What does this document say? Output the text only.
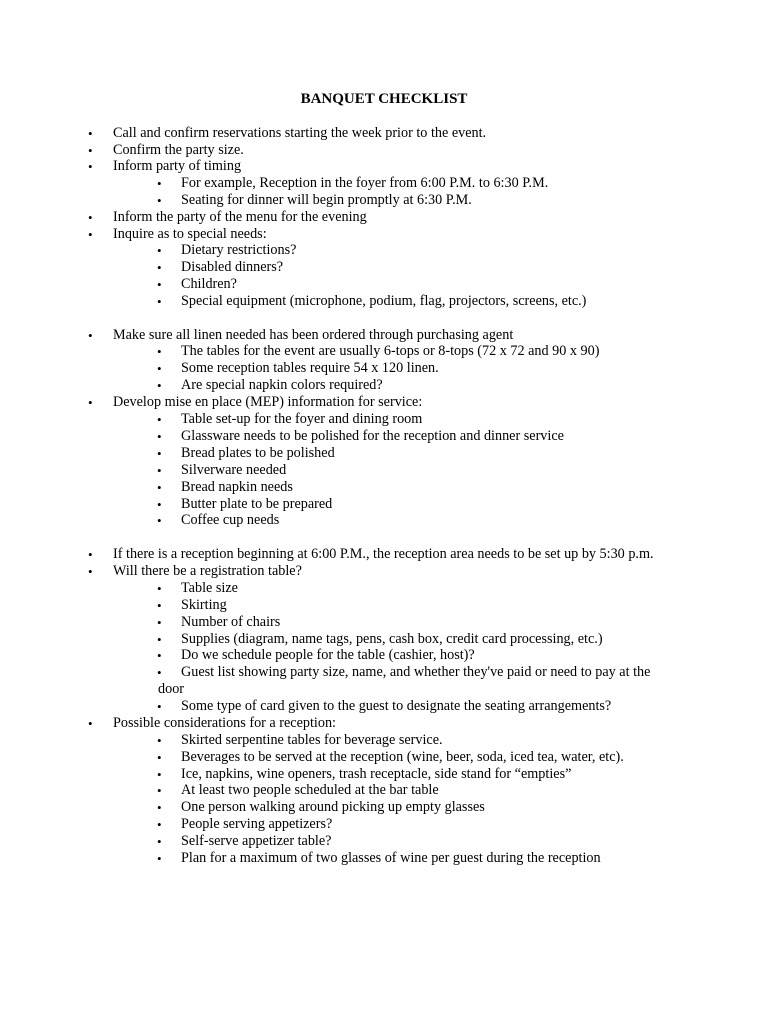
BANQUET CHECKLIST
• Call and confirm reservations starting the week prior to the event.
• Confirm the party size.
• Inform party of timing
• For example, Reception in the foyer from 6:00 P.M. to 6:30 P.M.
• Seating for dinner will begin promptly at 6:30 P.M.
• Inform the party of the menu for the evening
• Inquire as to special needs:
• Dietary restrictions?
• Disabled dinners?
• Children?
• Special equipment (microphone, podium, flag, projectors, screens, etc.)
• Make sure all linen needed has been ordered through purchasing agent
• The tables for the event are usually 6-tops or 8-tops (72 x 72 and 90 x 90)
• Some reception tables require 54 x 120 linen.
• Are special napkin colors required?
• Develop mise en place (MEP) information for service:
• Table set-up for the foyer and dining room
• Glassware needs to be polished for the reception and dinner service
• Bread plates to be polished
• Silverware needed
• Bread napkin needs
• Butter plate to be prepared
• Coffee cup needs
• If there is a reception beginning at 6:00 P.M., the reception area needs to be set up by 5:30 p.m.
• Will there be a registration table?
• Table size
• Skirting
• Number of chairs
• Supplies (diagram, name tags, pens, cash box, credit card processing, etc.)
• Do we schedule people for the table (cashier, host)?
• Guest list showing party size, name, and whether they've paid or need to pay at the
door
• Some type of card given to the guest to designate the seating arrangements?
• Possible considerations for a reception:
• Skirted serpentine tables for beverage service.
• Beverages to be served at the reception (wine, beer, soda, iced tea, water, etc).
• Ice, napkins, wine openers, trash receptacle, side stand for “empties”
• At least two people scheduled at the bar table
• One person walking around picking up empty glasses
• People serving appetizers?
• Self-serve appetizer table?
• Plan for a maximum of two glasses of wine per guest during the reception
